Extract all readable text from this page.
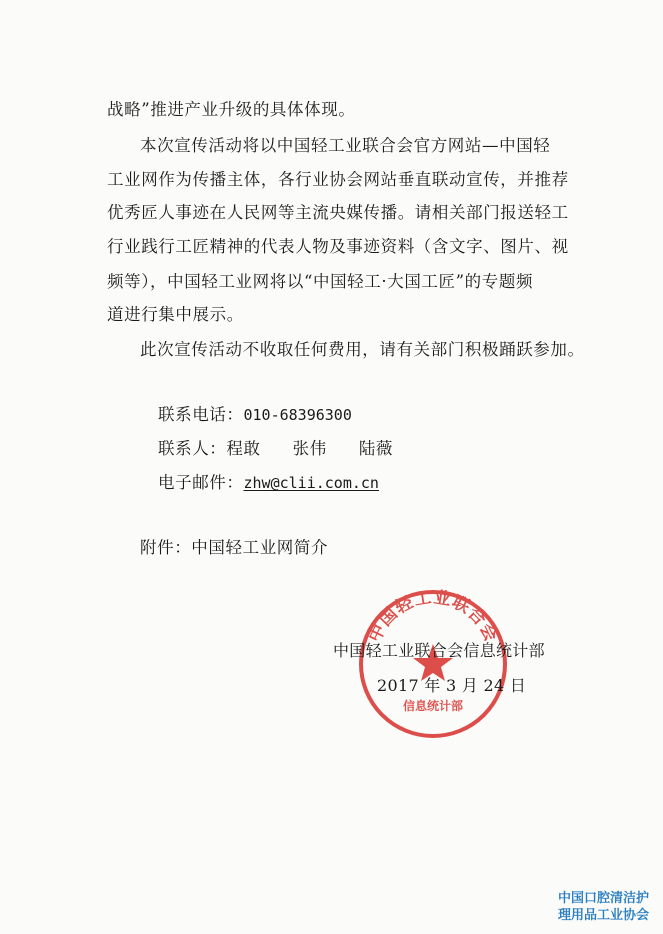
战略”推进产业升级的具体体现。
本次宣传活动将以中国轻工业联合会官方网站—中国轻
工业网作为传播主体，各行业协会网站垂直联动宣传，并推荐
优秀匠人事迹在人民网等主流央媒传播。请相关部门报送轻工
行业践行工匠精神的代表人物及事迹资料（含文字、图片、视
频等），中国轻工业网将以“中国轻工·大国工匠”的专题频
道进行集中展示。
此次宣传活动不收取任何费用，请有关部门积极踊跃参加。
联系电话：010-68396300
联系人：程敢 张伟 陆薇
电子邮件：zhw@clii.com.cn
附件：中国轻工业网简介
中国轻工业联合会
信息统计部
中国轻工业联合会信息统计部
2017 年 3 月 24 日
中国口腔清洁护
理用品工业协会
